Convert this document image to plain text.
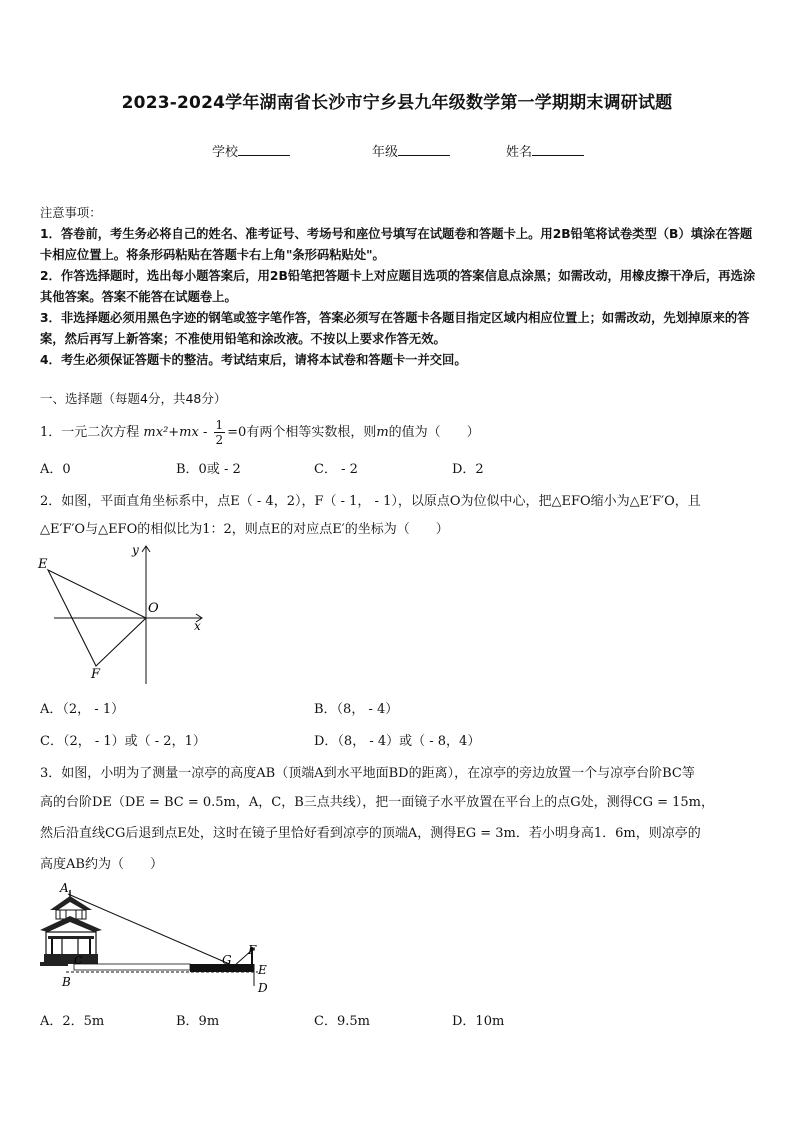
2023-2024学年湖南省长沙市宁乡县九年级数学第一学期期末调研试题
学校	年级	姓名
注意事项：
1．答卷前，考生务必将自己的姓名、准考证号、考场号和座位号填写在试题卷和答题卡上。用2B铅笔将试卷类型（B）填涂在答题卡相应位置上。将条形码粘贴在答题卡右上角"条形码粘贴处"。
2．作答选择题时，选出每小题答案后，用2B铅笔把答题卡上对应题目选项的答案信息点涂黑；如需改动，用橡皮擦干净后，再选涂其他答案。答案不能答在试题卷上。
3．非选择题必须用黑色字迹的钢笔或签字笔作答，答案必须写在答题卡各题目指定区域内相应位置上；如需改动，先划掉原来的答案，然后再写上新答案；不准使用铅笔和涂改液。不按以上要求作答无效。
4．考生必须保证答题卡的整洁。考试结束后，请将本试卷和答题卡一并交回。
一、选择题（每题4分，共48分）
1．一元二次方程 $mx^2+mx - \frac{1}{2} =0$有两个相等实数根，则m的值为（　　）
A．0	B．0或 - 2	C． - 2	D．2
2．如图，平面直角坐标系中，点E（ - 4，2），F（ - 1， - 1），以原点O为位似中心，把△EFO缩小为△E′F′O，且
△E′F′O与△EFO的相似比为1：2，则点E的对应点E′的坐标为（　　）
E
F
O
x
y
A．（2， - 1）	B．（8， - 4）
C．（2， - 1）或（ - 2，1）	D．（8， - 4）或（ - 8，4）
3．如图，小明为了测量一凉亭的高度AB（顶端A到水平地面BD的距离），在凉亭的旁边放置一个与凉亭台阶BC等
高的台阶DE（DE = BC = 0.5m，A，C，B三点共线），把一面镜子水平放置在平台上的点G处，测得CG = 15m，
然后沿直线CG后退到点E处，这时在镜子里恰好看到凉亭的顶端A，测得EG = 3m．若小明身高1．6m，则凉亭的
高度AB约为（　　）
A
B
C	G
F
E
D
A．2．5m	B．9m	C．9.5m	D．10m
